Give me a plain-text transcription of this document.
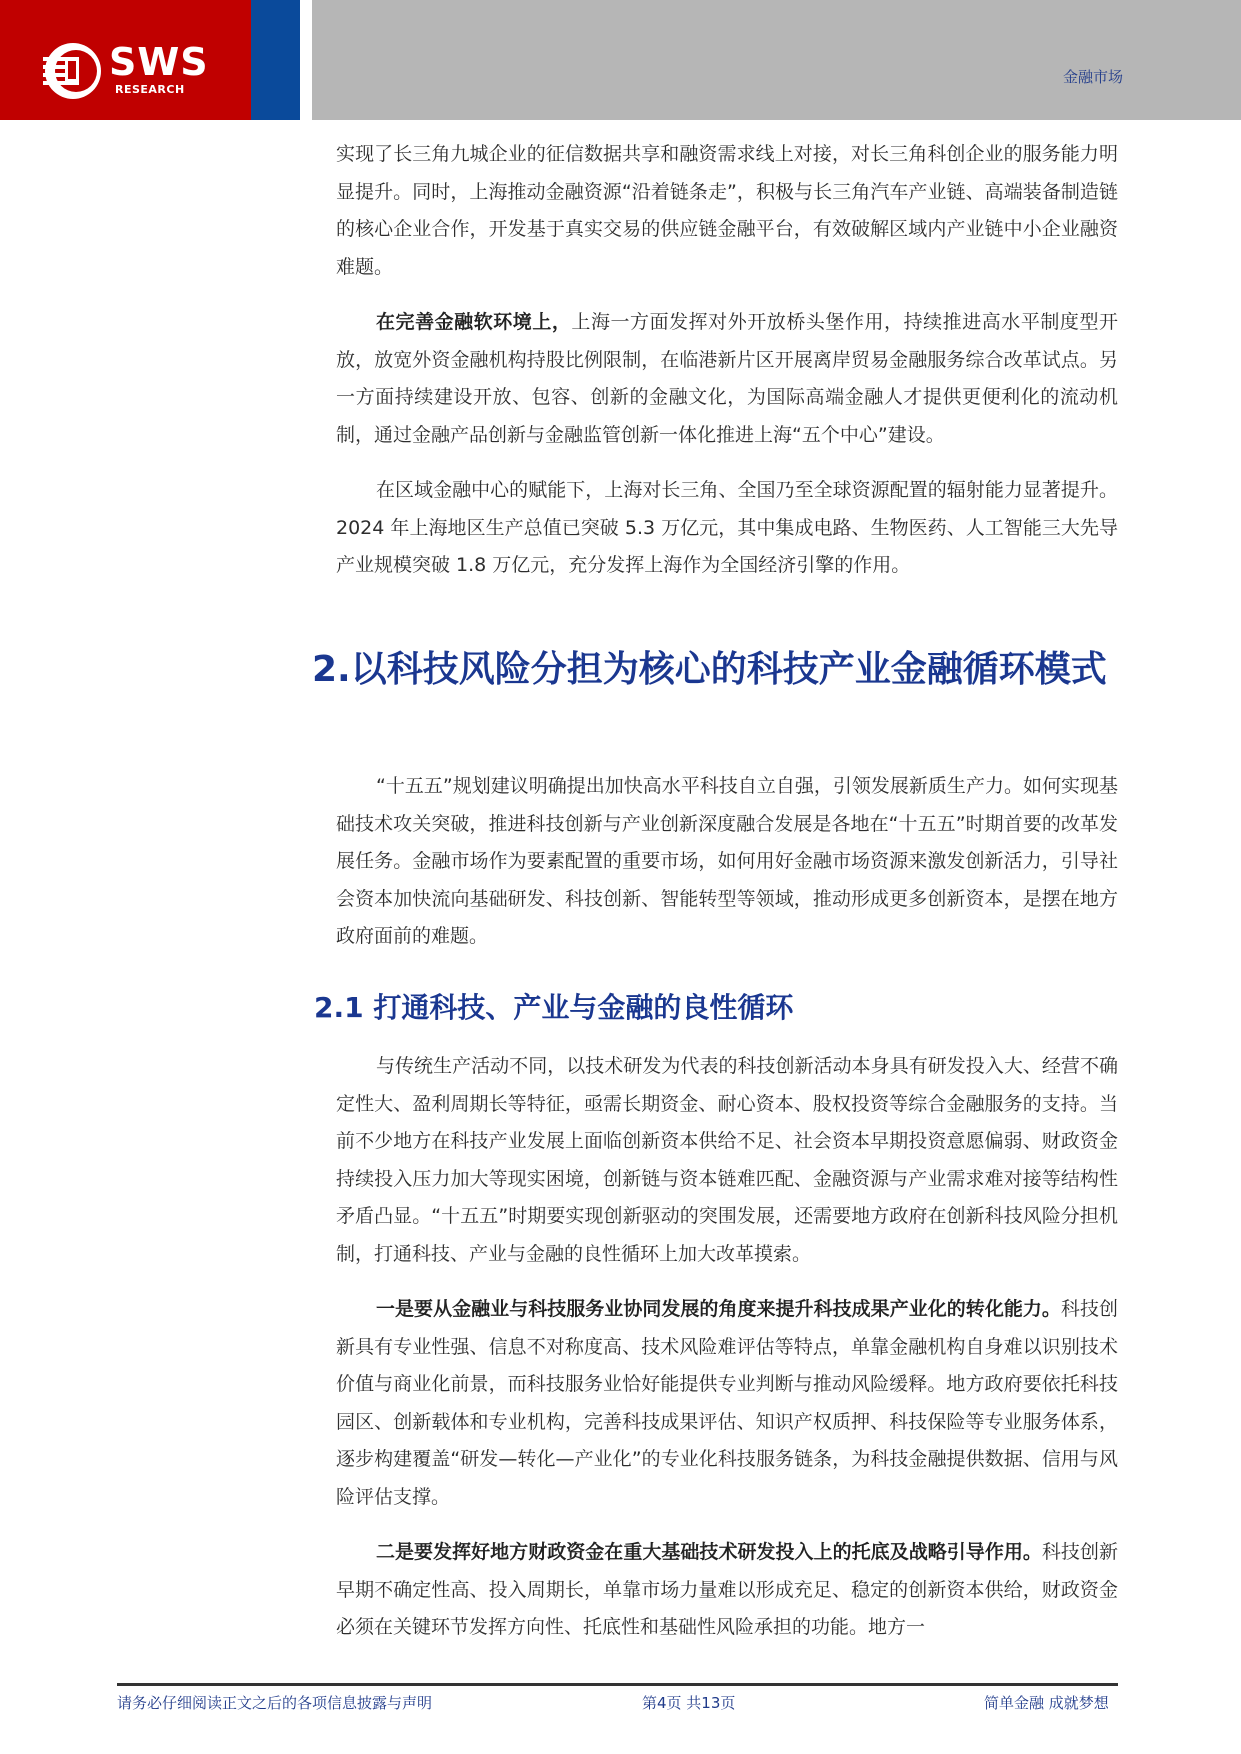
SWS
RESEARCH
金融市场

实现了长三角九城企业的征信数据共享和融资需求线上对接，对长三角科创企业的服务能力明显提升。同时，上海推动金融资源“沿着链条走”，积极与长三角汽车产业链、高端装备制造链的核心企业合作，开发基于真实交易的供应链金融平台，有效破解区域内产业链中小企业融资难题。

在完善金融软环境上，上海一方面发挥对外开放桥头堡作用，持续推进高水平制度型开放，放宽外资金融机构持股比例限制，在临港新片区开展离岸贸易金融服务综合改革试点。另一方面持续建设开放、包容、创新的金融文化，为国际高端金融人才提供更便利化的流动机制，通过金融产品创新与金融监管创新一体化推进上海“五个中心”建设。

在区域金融中心的赋能下，上海对长三角、全国乃至全球资源配置的辐射能力显著提升。2024 年上海地区生产总值已突破 5.3 万亿元，其中集成电路、生物医药、人工智能三大先导产业规模突破 1.8 万亿元，充分发挥上海作为全国经济引擎的作用。

2.以科技风险分担为核心的科技产业金融循环模式

“十五五”规划建议明确提出加快高水平科技自立自强，引领发展新质生产力。如何实现基础技术攻关突破，推进科技创新与产业创新深度融合发展是各地在“十五五”时期首要的改革发展任务。金融市场作为要素配置的重要市场，如何用好金融市场资源来激发创新活力，引导社会资本加快流向基础研发、科技创新、智能转型等领域，推动形成更多创新资本，是摆在地方政府面前的难题。

2.1 打通科技、产业与金融的良性循环

与传统生产活动不同，以技术研发为代表的科技创新活动本身具有研发投入大、经营不确定性大、盈利周期长等特征，亟需长期资金、耐心资本、股权投资等综合金融服务的支持。当前不少地方在科技产业发展上面临创新资本供给不足、社会资本早期投资意愿偏弱、财政资金持续投入压力加大等现实困境，创新链与资本链难匹配、金融资源与产业需求难对接等结构性矛盾凸显。“十五五”时期要实现创新驱动的突围发展，还需要地方政府在创新科技风险分担机制，打通科技、产业与金融的良性循环上加大改革摸索。

一是要从金融业与科技服务业协同发展的角度来提升科技成果产业化的转化能力。科技创新具有专业性强、信息不对称度高、技术风险难评估等特点，单靠金融机构自身难以识别技术价值与商业化前景，而科技服务业恰好能提供专业判断与推动风险缓释。地方政府要依托科技园区、创新载体和专业机构，完善科技成果评估、知识产权质押、科技保险等专业服务体系，逐步构建覆盖“研发—转化—产业化”的专业化科技服务链条，为科技金融提供数据、信用与风险评估支撑。

二是要发挥好地方财政资金在重大基础技术研发投入上的托底及战略引导作用。科技创新早期不确定性高、投入周期长，单靠市场力量难以形成充足、稳定的创新资本供给，财政资金必须在关键环节发挥方向性、托底性和基础性风险承担的功能。地方一

请务必仔细阅读正文之后的各项信息披露与声明	第4页 共13页	简单金融 成就梦想
